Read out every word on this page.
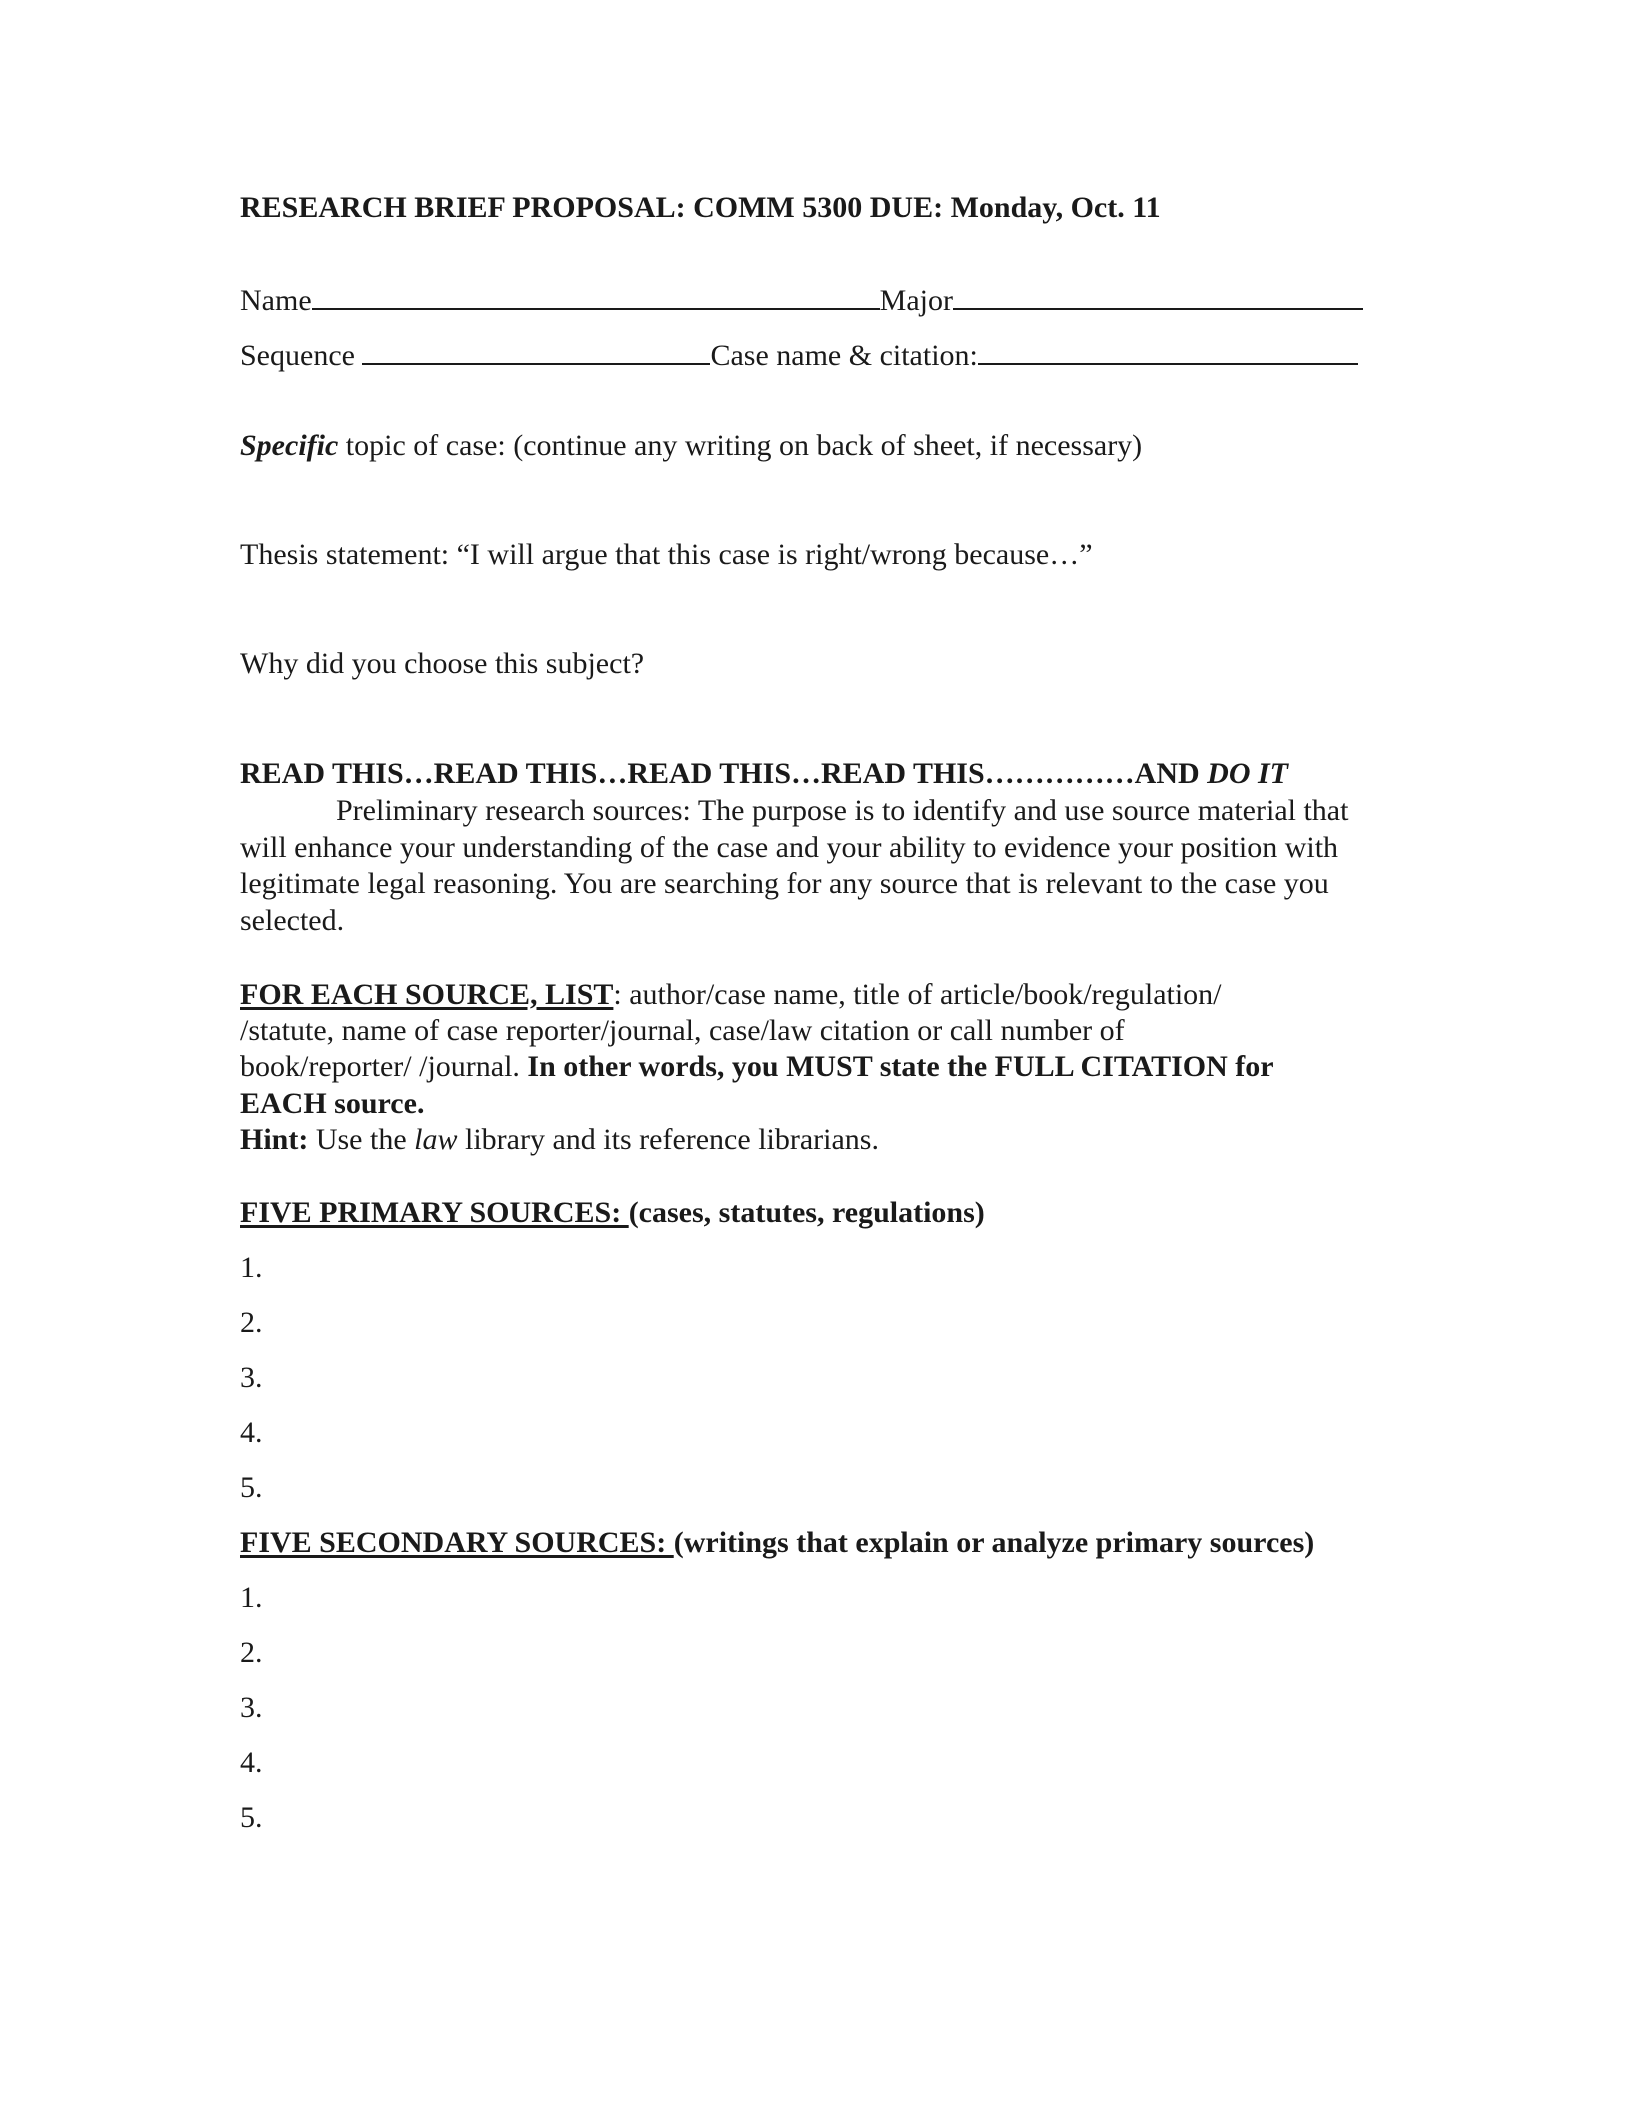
RESEARCH BRIEF PROPOSAL: COMM 5300 DUE: Monday, Oct. 11
Name	Major
Sequence	Case name & citation:
Specific topic of case: (continue any writing on back of sheet, if necessary)
Thesis statement: “I will argue that this case is right/wrong because…”
Why did you choose this subject?
READ THIS…READ THIS…READ THIS…READ THIS……………AND DO IT
Preliminary research sources: The purpose is to identify and use source material that will enhance your understanding of the case and your ability to evidence your position with legitimate legal reasoning. You are searching for any source that is relevant to the case you selected.
FOR EACH SOURCE, LIST: author/case name, title of article/book/regulation/
/statute, name of case reporter/journal, case/law citation or call number of
book/reporter/ /journal. In other words, you MUST state the FULL CITATION for
EACH source.
Hint: Use the law library and its reference librarians.
FIVE PRIMARY SOURCES: (cases, statutes, regulations)
1.
2.
3.
4.
5.
FIVE SECONDARY SOURCES: (writings that explain or analyze primary sources)
1.
2.
3.
4.
5.
